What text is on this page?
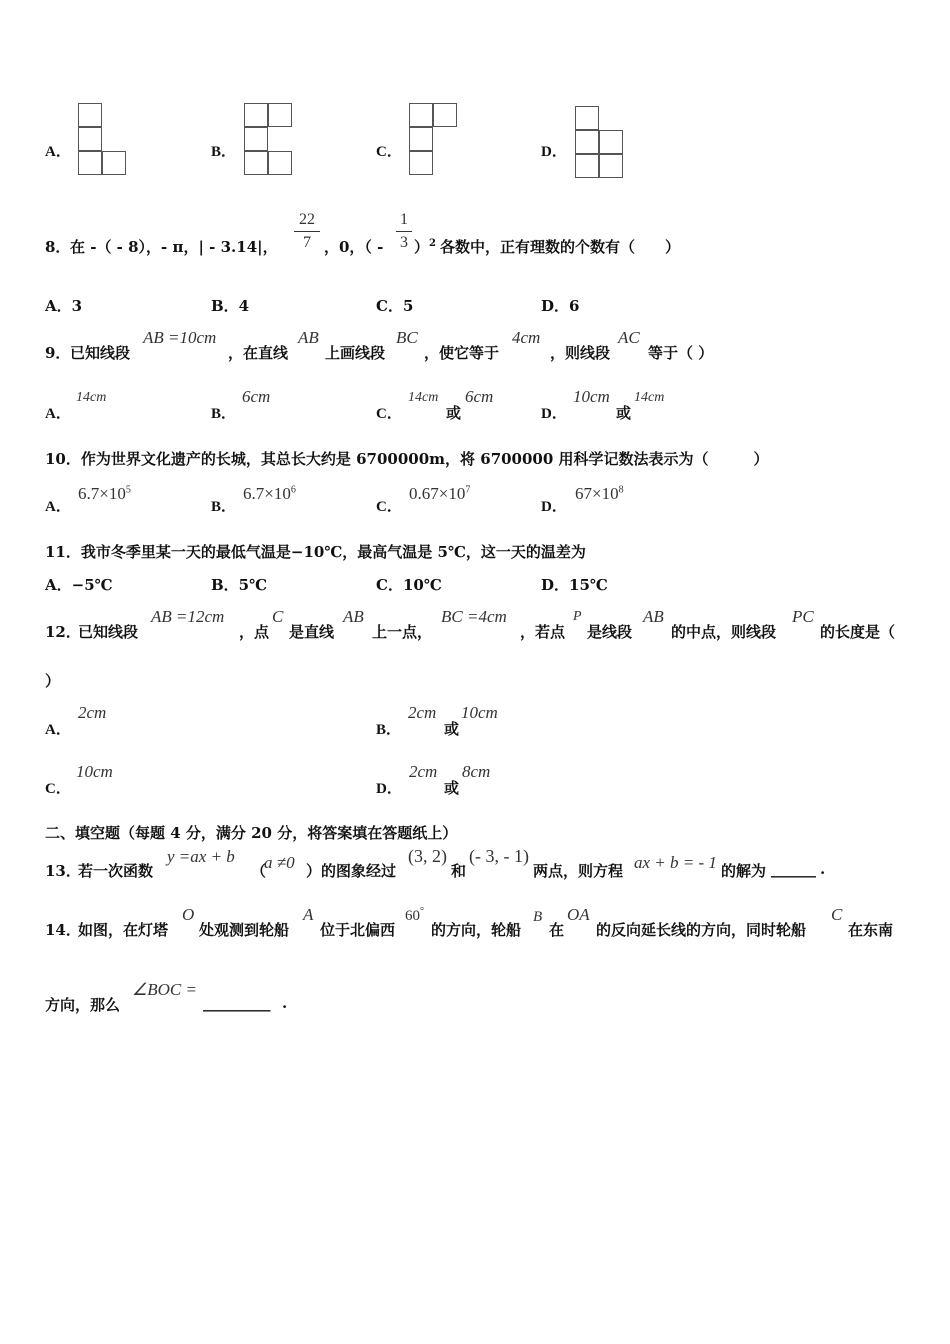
A．	B．	C．	D．
8． 在 -（ - 8），- π，| - 3.14|，
22
7 ，0，（ -
1
3 ）$^2$ 各数中，正有理数的个数有（　　）
A．3	B．4	C．5	D．6
9． 已知线段
AB =10cm
，在直线
AB
上画线段
BC
，使它等于
4cm
，则线段
AC
等于（ ）
A．
14cm
B．
6cm
C．
14cm
或
6cm
D．
10cm
或
14cm
10．作为世界文化遗产的长城，其总长大约是 6700000m，将 6700000 用科学记数法表示为（　　　）
A．
$6.7\times 10^5$
B．
$6.7\times 10^6$
C．
$0.67\times 10^7$
D．
$67\times 10^8$
11．我市冬季里某一天的最低气温是−10℃，最高气温是 5℃，这一天的温差为
A．−5℃	B．5℃	C．10℃	D．15℃
12．
已知线段
AB =12cm
，点
C
是直线
AB
上一点，
BC =4cm
，若点
P
是线段
AB
的中点，则线段
PC
的长度是（
）
A．
2cm
B．
2cm
或
10cm
C．
10cm
D．
2cm
或
8cm
二、填空题（每题 4 分，满分 20 分，将答案填在答题纸上）
13．
若一次函数
y =ax + b
（
a ≠0 ）的图象经过
(3, 2)
和
(- 3, - 1)
两点，则方程 ax + b = - 1 的解为 ______ .
14．
如图，在灯塔
O
处观测到轮船
A
位于北偏西
60°
的方向，轮船
B
在
OA
的反向延长线的方向，同时轮船
C
在东南
方向，那么
∠BOC =
_________ .
